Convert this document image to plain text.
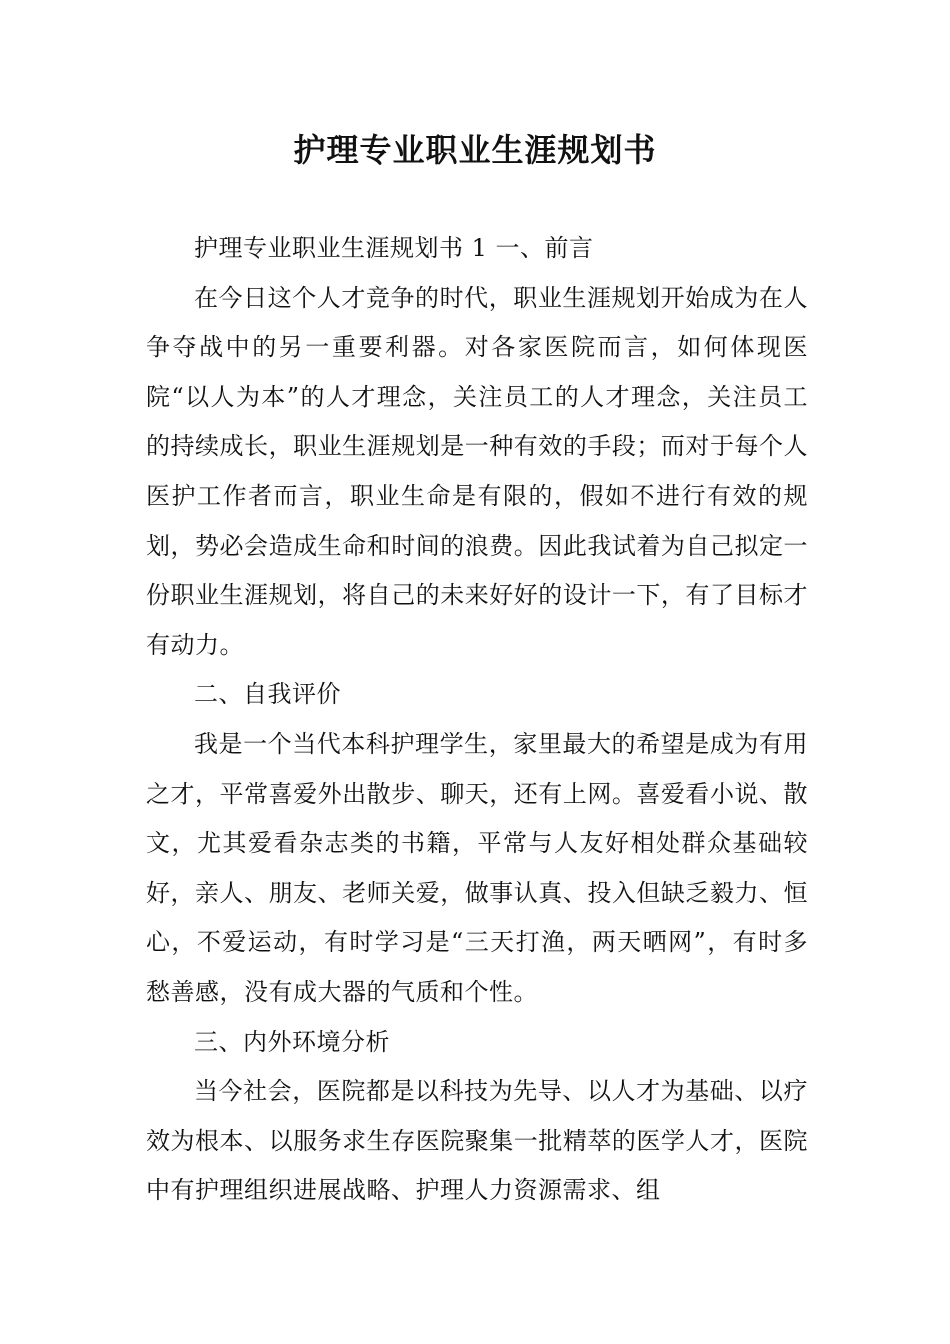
护理专业职业生涯规划书

护理专业职业生涯规划书 1 一、前言

在今日这个人才竞争的时代，职业生涯规划开始成为在人争夺战中的另一重要利器。对各家医院而言，如何体现医院“以人为本”的人才理念，关注员工的人才理念，关注员工的持续成长，职业生涯规划是一种有效的手段；而对于每个人医护工作者而言，职业生命是有限的，假如不进行有效的规划，势必会造成生命和时间的浪费。因此我试着为自己拟定一份职业生涯规划，将自己的未来好好的设计一下，有了目标才有动力。

二、自我评价

我是一个当代本科护理学生，家里最大的希望是成为有用之才，平常喜爱外出散步、聊天，还有上网。喜爱看小说、散文，尤其爱看杂志类的书籍，平常与人友好相处群众基础较好，亲人、朋友、老师关爱，做事认真、投入但缺乏毅力、恒心，不爱运动，有时学习是“三天打渔，两天晒网”，有时多愁善感，没有成大器的气质和个性。

三、内外环境分析

当今社会，医院都是以科技为先导、以人才为基础、以疗效为根本、以服务求生存医院聚集一批精萃的医学人才，医院中有护理组织进展战略、护理人力资源需求、组
